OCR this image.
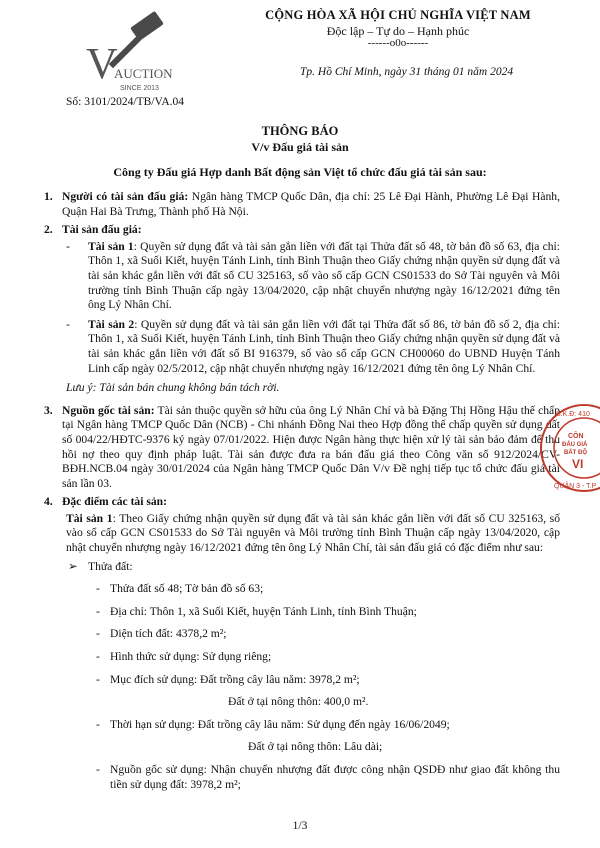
V
AUCTION
SINCE 2013
Số: 3101/2024/TB/VA.04
CỘNG HÒA XÃ HỘI CHỦ NGHĨA VIỆT NAM
Độc lập – Tự do – Hạnh phúc
------o0o------
Tp. Hồ Chí Minh, ngày 31 tháng 01 năm 2024
THÔNG BÁO
V/v Đấu giá tài sản
Công ty Đấu giá Hợp danh Bất động sản Việt tổ chức đấu giá tài sản sau:

1. Người có tài sản đấu giá: Ngân hàng TMCP Quốc Dân, địa chỉ: 25 Lê Đại Hành, Phường Lê Đại Hành, Quận Hai Bà Trưng, Thành phố Hà Nội.

2. Tài sản đấu giá:

- Tài sản 1: Quyền sử dụng đất và tài sản gắn liền với đất tại Thửa đất số 48, tờ bản đồ số 63, địa chỉ: Thôn 1, xã Suối Kiết, huyện Tánh Linh, tỉnh Bình Thuận theo Giấy chứng nhận quyền sử dụng đất và tài sản khác gắn liền với đất số CU 325163, số vào sổ cấp GCN CS01533 do Sở Tài nguyên và Môi trường tỉnh Bình Thuận cấp ngày 13/04/2020, cập nhật chuyển nhượng ngày 16/12/2021 đứng tên ông Lý Nhân Chí.

- Tài sản 2: Quyền sử dụng đất và tài sản gắn liền với đất tại Thửa đất số 86, tờ bản đồ số 2, địa chỉ: Thôn 1, xã Suối Kiết, huyện Tánh Linh, tỉnh Bình Thuận theo Giấy chứng nhận quyền sử dụng đất và tài sản khác gắn liền với đất số BI 916379, số vào sổ cấp GCN CH00060 do UBND Huyện Tánh Linh cấp ngày 02/5/2012, cập nhật chuyển nhượng ngày 16/12/2021 đứng tên ông Lý Nhân Chí.

Lưu ý: Tài sản bán chung không bán tách rời.

3. Nguồn gốc tài sản: Tài sản thuộc quyền sở hữu của ông Lý Nhân Chí và bà Đặng Thị Hồng Hậu thế chấp tại Ngân hàng TMCP Quốc Dân (NCB) - Chi nhánh Đồng Nai theo Hợp đồng thế chấp quyền sử dụng đất số 004/22/HĐTC-9376 ký ngày 07/01/2022. Hiện được Ngân hàng thực hiện xử lý tài sản bảo đảm để thu hồi nợ theo quy định pháp luật. Tài sản được đưa ra bán đấu giá theo Công văn số 912/2024/CV-BĐH.NCB.04 ngày 30/01/2024 của Ngân hàng TMCP Quốc Dân V/v Đề nghị tiếp tục tổ chức đấu giá tài sản lần 03.

4. Đặc điểm các tài sản:

Tài sản 1: Theo Giấy chứng nhận quyền sử dụng đất và tài sản khác gắn liền với đất số CU 325163, số vào sổ cấp GCN CS01533 do Sở Tài nguyên và Môi trường tỉnh Bình Thuận cấp ngày 13/04/2020, cập nhật chuyển nhượng ngày 16/12/2021 đứng tên ông Lý Nhân Chí, tài sản đấu giá có đặc điểm như sau:

➢ Thửa đất:

- Thửa đất số 48; Tờ bản đồ số 63;

- Địa chỉ: Thôn 1, xã Suối Kiết, huyện Tánh Linh, tỉnh Bình Thuận;

- Diện tích đất: 4378,2 m²;

- Hình thức sử dụng: Sử dụng riêng;

- Mục đích sử dụng: Đất trồng cây lâu năm: 3978,2 m²;

Đất ở tại nông thôn: 400,0 m².

- Thời hạn sử dụng: Đất trồng cây lâu năm: Sử dụng đến ngày 16/06/2049;

Đất ở tại nông thôn: Lâu dài;

- Nguồn gốc sử dụng: Nhận chuyển nhượng đất được công nhận QSDĐ như giao đất không thu tiền sử dụng đất: 3978,2 m²;

S.K.Đ: 410
CÔN
ĐẤU GIÁ
BẤT ĐỘ
VI
QUẬN 3 - T.P
1/3
